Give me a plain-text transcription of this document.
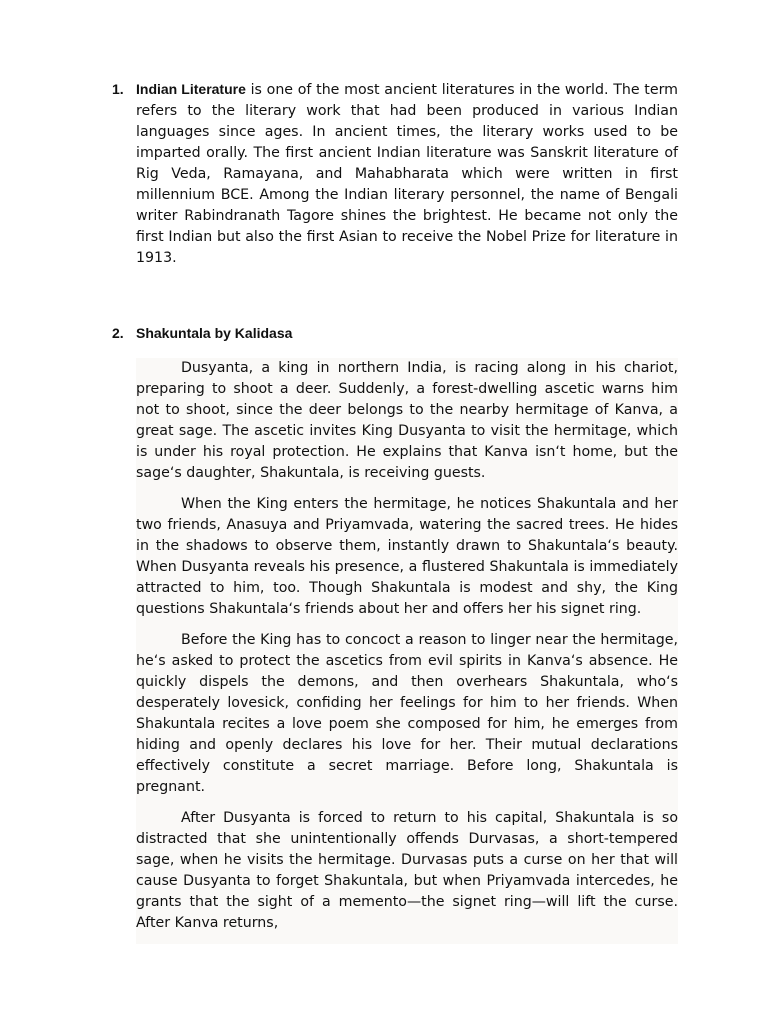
1. Indian Literature is one of the most ancient literatures in the world. The term refers to the literary work that had been produced in various Indian languages since ages. In ancient times, the literary works used to be imparted orally. The first ancient Indian literature was Sanskrit literature of Rig Veda, Ramayana, and Mahabharata which were written in first millennium BCE. Among the Indian literary personnel, the name of Bengali writer Rabindranath Tagore shines the brightest. He became not only the first Indian but also the first Asian to receive the Nobel Prize for literature in 1913.

2. Shakuntala by Kalidasa

Dusyanta, a king in northern India, is racing along in his chariot, preparing to shoot a deer. Suddenly, a forest-dwelling ascetic warns him not to shoot, since the deer belongs to the nearby hermitage of Kanva, a great sage. The ascetic invites King Dusyanta to visit the hermitage, which is under his royal protection. He explains that Kanva isn‘t home, but the sage‘s daughter, Shakuntala, is receiving guests.

When the King enters the hermitage, he notices Shakuntala and her two friends, Anasuya and Priyamvada, watering the sacred trees. He hides in the shadows to observe them, instantly drawn to Shakuntala‘s beauty. When Dusyanta reveals his presence, a flustered Shakuntala is immediately attracted to him, too. Though Shakuntala is modest and shy, the King questions Shakuntala‘s friends about her and offers her his signet ring.

Before the King has to concoct a reason to linger near the hermitage, he‘s asked to protect the ascetics from evil spirits in Kanva‘s absence. He quickly dispels the demons, and then overhears Shakuntala, who‘s desperately lovesick, confiding her feelings for him to her friends. When Shakuntala recites a love poem she composed for him, he emerges from hiding and openly declares his love for her. Their mutual declarations effectively constitute a secret marriage. Before long, Shakuntala is pregnant.

After Dusyanta is forced to return to his capital, Shakuntala is so distracted that she unintentionally offends Durvasas, a short-tempered sage, when he visits the hermitage. Durvasas puts a curse on her that will cause Dusyanta to forget Shakuntala, but when Priyamvada intercedes, he grants that the sight of a memento—the signet ring—will lift the curse. After Kanva returns,
